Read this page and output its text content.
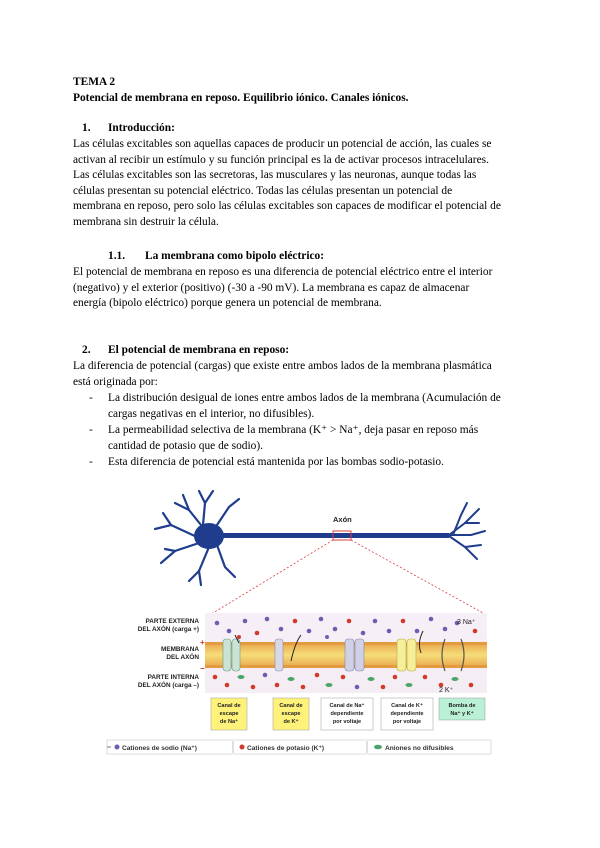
TEMA 2
Potencial de membrana en reposo. Equilibrio iónico. Canales iónicos.
1. Introducción:
Las células excitables son aquellas capaces de producir un potencial de acción, las cuales se
activan al recibir un estímulo y su función principal es la de activar procesos intracelulares.
Las células excitables son las secretoras, las musculares y las neuronas, aunque todas las
células presentan su potencial eléctrico. Todas las células presentan un potencial de
membrana en reposo, pero solo las células excitables son capaces de modificar el potencial de
membrana sin destruir la célula.
1.1. La membrana como bipolo eléctrico:
El potencial de membrana en reposo es una diferencia de potencial eléctrico entre el interior
(negativo) y el exterior (positivo) (-30 a -90 mV). La membrana es capaz de almacenar
energía (bipolo eléctrico) porque genera un potencial de membrana.
2. El potencial de membrana en reposo:
La diferencia de potencial (cargas) que existe entre ambos lados de la membrana plasmática
está originada por:
- La distribución desigual de iones entre ambos lados de la membrana (Acumulación de
cargas negativas en el interior, no difusibles).
- La permeabilidad selectiva de la membrana (K⁺ > Na⁺, deja pasar en reposo más
cantidad de potasio que de sodio).
- Esta diferencia de potencial está mantenida por las bombas sodio-potasio.
Axón
+
−
PARTE EXTERNA
DEL AXÓN (carga +)
MEMBRANA
DEL AXÓN
PARTE INTERNA
DEL AXÓN (carga –)
3 Na⁺
2 K⁺
Canal de
escape
de Na⁺
Canal de
escape
de K⁺
Canal de Na⁺
dependiente
por voltaje
Canal de K⁺
dependiente
por voltaje
Bomba de
Na⁺ y K⁺
Cationes de sodio (Na⁺)	Cationes de potasio (K⁺)	Aniones no difusibles
